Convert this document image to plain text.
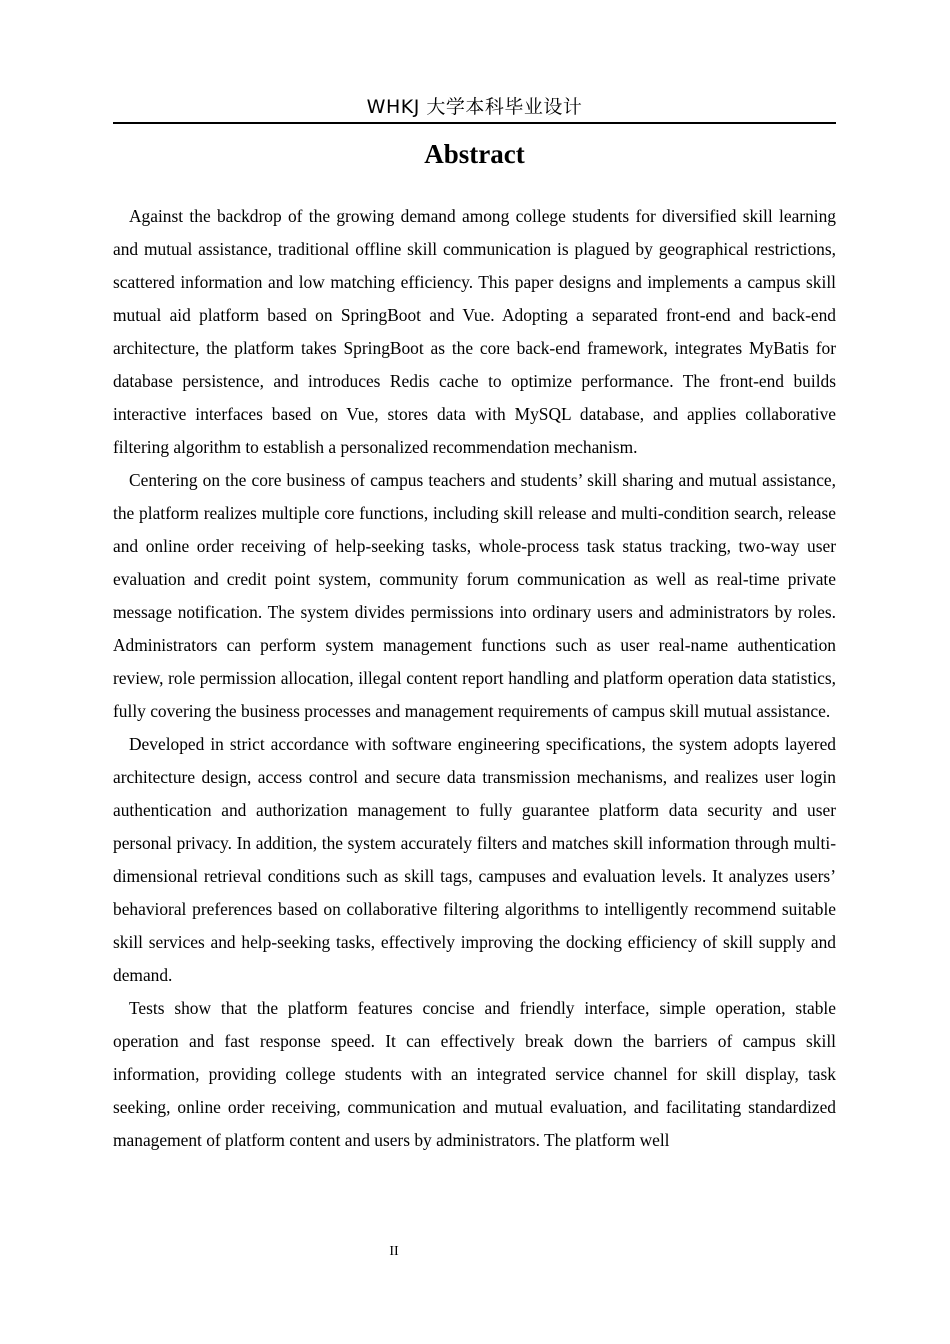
WHKJ 大学本科毕业设计
Abstract

Against the backdrop of the growing demand among college students for diversified skill learning and mutual assistance, traditional offline skill communication is plagued by geographical restrictions, scattered information and low matching efficiency. This paper designs and implements a campus skill mutual aid platform based on SpringBoot and Vue. Adopting a separated front-end and back-end architecture, the platform takes SpringBoot as the core back-end framework, integrates MyBatis for database persistence, and introduces Redis cache to optimize performance. The front-end builds interactive interfaces based on Vue, stores data with MySQL database, and applies collaborative filtering algorithm to establish a personalized recommendation mechanism.

Centering on the core business of campus teachers and students’ skill sharing and mutual assistance, the platform realizes multiple core functions, including skill release and multi-condition search, release and online order receiving of help-seeking tasks, whole-process task status tracking, two-way user evaluation and credit point system, community forum communication as well as real-time private message notification. The system divides permissions into ordinary users and administrators by roles. Administrators can perform system management functions such as user real-name authentication review, role permission allocation, illegal content report handling and platform operation data statistics, fully covering the business processes and management requirements of campus skill mutual assistance.

Developed in strict accordance with software engineering specifications, the system adopts layered architecture design, access control and secure data transmission mechanisms, and realizes user login authentication and authorization management to fully guarantee platform data security and user personal privacy. In addition, the system accurately filters and matches skill information through multi-dimensional retrieval conditions such as skill tags, campuses and evaluation levels. It analyzes users’ behavioral preferences based on collaborative filtering algorithms to intelligently recommend suitable skill services and help-seeking tasks, effectively improving the docking efficiency of skill supply and demand.

Tests show that the platform features concise and friendly interface, simple operation, stable operation and fast response speed. It can effectively break down the barriers of campus skill information, providing college students with an integrated service channel for skill display, task seeking, online order receiving, communication and mutual evaluation, and facilitating standardized management of platform content and users by administrators. The platform well

II
